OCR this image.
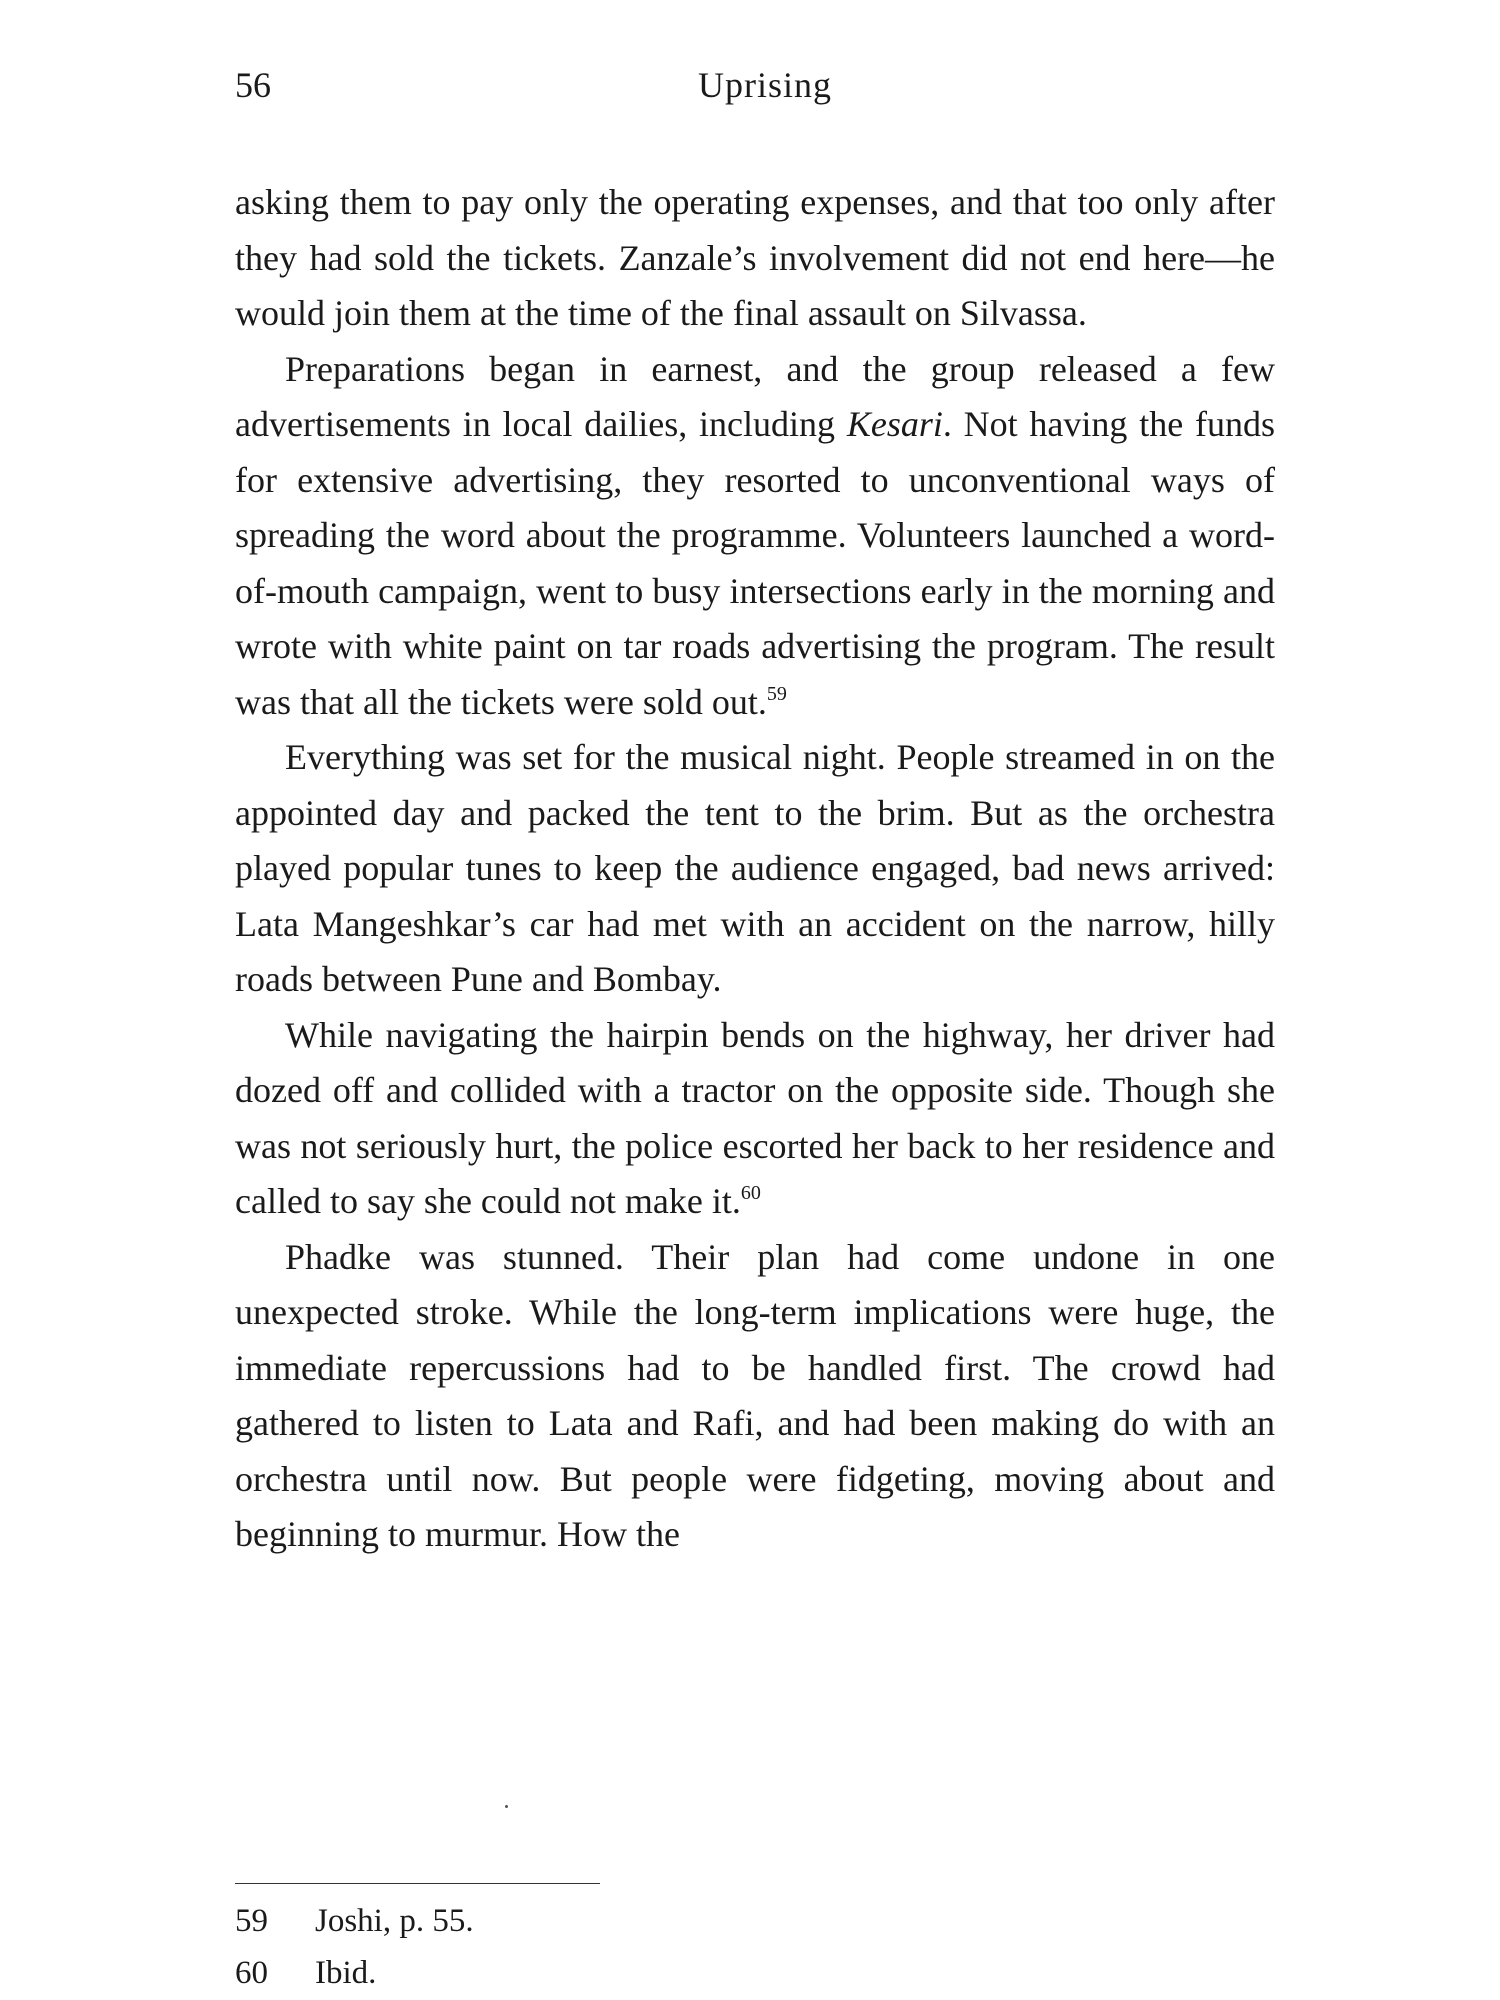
56	Uprising

asking them to pay only the operating expenses, and that too only after they had sold the tickets. Zanzale’s involvement did not end here—he would join them at the time of the final assault on Silvassa.

Preparations began in earnest, and the group released a few advertisements in local dailies, including Kesari. Not having the funds for extensive advertising, they resorted to unconventional ways of spreading the word about the programme. Volunteers launched a word-of-mouth campaign, went to busy intersections early in the morning and wrote with white paint on tar roads advertising the program. The result was that all the tickets were sold out.$^{59}$

Everything was set for the musical night. People streamed in on the appointed day and packed the tent to the brim. But as the orchestra played popular tunes to keep the audience engaged, bad news arrived: Lata Mangeshkar’s car had met with an accident on the narrow, hilly roads between Pune and Bombay.

While navigating the hairpin bends on the highway, her driver had dozed off and collided with a tractor on the opposite side. Though she was not seriously hurt, the police escorted her back to her residence and called to say she could not make it.$^{60}$

Phadke was stunned. Their plan had come undone in one unexpected stroke. While the long-term implications were huge, the immediate repercussions had to be handled first. The crowd had gathered to listen to Lata and Rafi, and had been making do with an orchestra until now. But people were fidgeting, moving about and beginning to murmur. How the

59	Joshi, p. 55.
60	Ibid.
